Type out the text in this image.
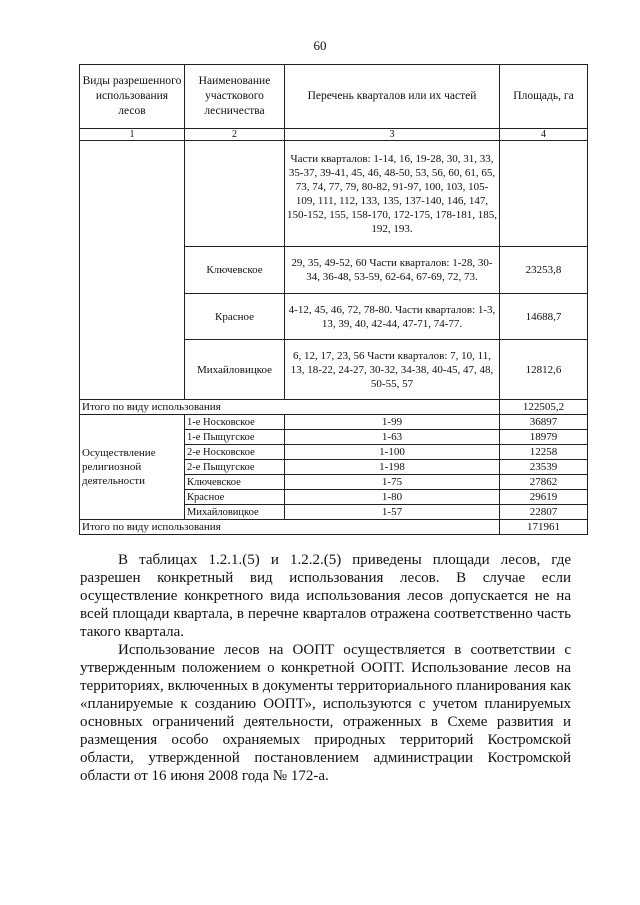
60
Виды разрешенного использования лесов	Наименование участкового лесничества	Перечень кварталов или их частей	Площадь, га
1	2	3	4
		Части кварталов: 1-14, 16, 19-28, 30, 31, 33, 35-37, 39-41, 45, 46, 48-50, 53, 56, 60, 61, 65, 73, 74, 77, 79, 80-82, 91-97, 100, 103, 105-109, 111, 112, 133, 135, 137-140, 146, 147, 150-152, 155, 158-170, 172-175, 178-181, 185, 192, 193.	
	Ключевское	29, 35, 49-52, 60 Части кварталов: 1-28, 30-34, 36-48, 53-59, 62-64, 67-69, 72, 73.	23253,8
	Красное	4-12, 45, 46, 72, 78-80. Части кварталов: 1-3, 13, 39, 40, 42-44, 47-71, 74-77.	14688,7
	Михайловицкое	6, 12, 17, 23, 56 Части кварталов: 7, 10, 11, 13, 18-22, 24-27, 30-32, 34-38, 40-45, 47, 48, 50-55, 57	12812,6
Итого по виду использования			122505,2
Осуществление религиозной деятельности	1-е Носковское	1-99	36897
	1-е Пыщугское	1-63	18979
	2-е Носковское	1-100	12258
	2-е Пыщугское	1-198	23539
	Ключевское	1-75	27862
	Красное	1-80	29619
	Михайловицкое	1-57	22807
Итого по виду использования			171961

В таблицах 1.2.1.(5) и 1.2.2.(5) приведены площади лесов, где разрешен конкретный вид использования лесов. В случае если осуществление конкретного вида использования лесов допускается не на всей площади квартала, в перечне кварталов отражена соответственно часть такого квартала.

Использование лесов на ООПТ осуществляется в соответствии с утвержденным положением о конкретной ООПТ. Использование лесов на территориях, включенных в документы территориального планирования как «планируемые к созданию ООПТ», используются с учетом планируемых основных ограничений деятельности, отраженных в Схеме развития и размещения особо охраняемых природных территорий Костромской области, утвержденной постановлением администрации Костромской области от 16 июня 2008 года № 172-а.
